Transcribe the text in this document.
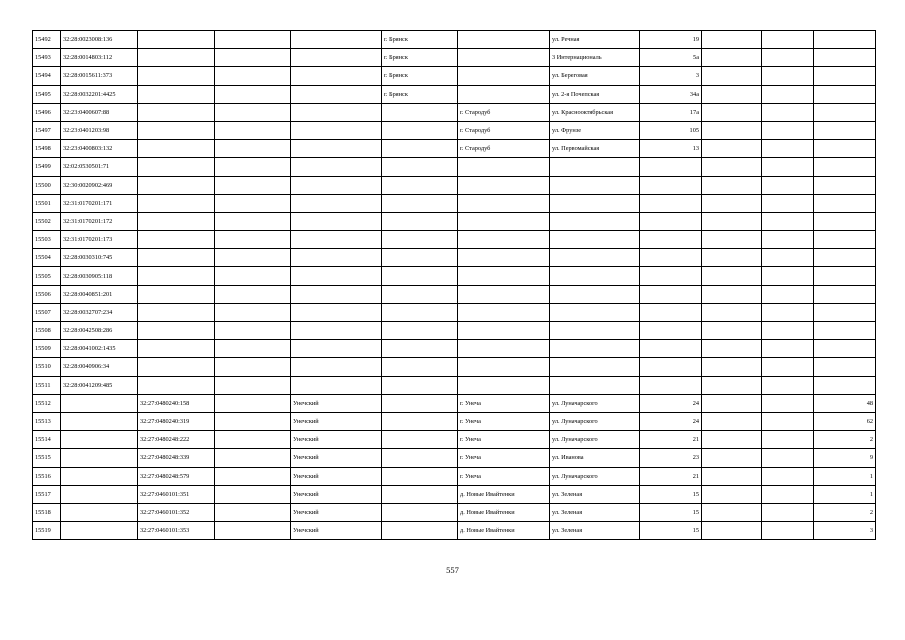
15492	32:28:0023008:136				г. Брянск		ул. Речная	19			
15493	32:28:0014803:112				г. Брянск		3 Интернациональ	5а			
15494	32:28:0015611:373				г. Брянск		ул. Береговая	3			
15495	32:28:0032201:4425				г. Брянск		ул. 2-я Почепская	34а			
15496	32:23:0400607:88					г. Стародуб	ул. Краснооктябрьская	17а			
15497	32:23:0401203:98					г. Стародуб	ул. Фрунзе	105			
15498	32:23:0400803:132					г. Стародуб	ул. Первомайская	13			
15499	32:02:0530501:71										
15500	32:30:0020902:469										
15501	32:31:0170201:171										
15502	32:31:0170201:172										
15503	32:31:0170201:173										
15504	32:28:0030310:745										
15505	32:28:0030905:118										
15506	32:28:0040851:201										
15507	32:28:0032707:234										
15508	32:28:0042508:286										
15509	32:28:0041002:1435										
15510	32:28:0040906:34										
15511	32:28:0041209:485										
15512		32:27:0480240:158		Унечский		г. Унеча	ул. Луначарского	24			48
15513		32:27:0480240:319		Унечский		г. Унеча	ул. Луначарского	24			62
15514		32:27:0480248:222		Унечский		г. Унеча	ул. Луначарского	21			2
15515		32:27:0480248:339		Унечский		г. Унеча	ул. Иванова	23			9
15516		32:27:0480248:579		Унечский		г. Унеча	ул. Луначарского	21			1
15517		32:27:0460101:351		Унечский		д. Новые Ивайтенки	ул. Зеленая	15			1
15518		32:27:0460101:352		Унечский		д. Новые Ивайтенки	ул. Зеленая	15			2
15519		32:27:0460101:353		Унечский		д. Новые Ивайтенки	ул. Зеленая	15			3
557
